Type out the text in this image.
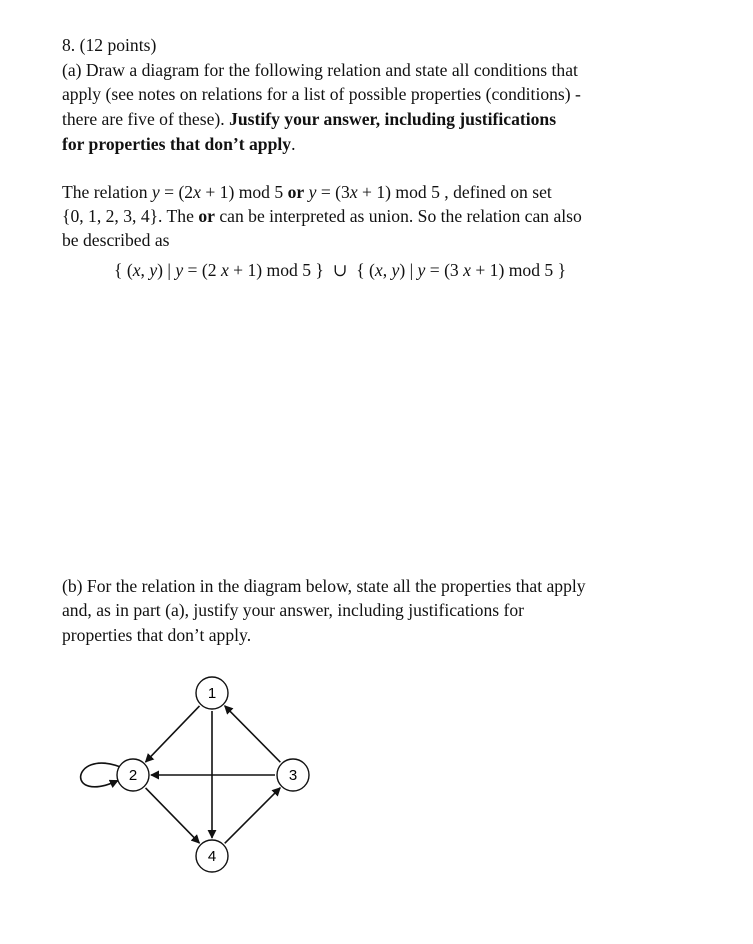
8. (12 points)
(a) Draw a diagram for the following relation and state all conditions that
apply (see notes on relations for a list of possible properties (conditions) -
there are five of these). Justify your answer, including justifications
for properties that don’t apply.
The relation y = (2x + 1) mod 5 or y = (3x + 1) mod 5 , defined on set
{0, 1, 2, 3, 4}. The or can be interpreted as union. So the relation can also
be described as
{ (x, y) | y = (2 x + 1) mod 5 } ∪ { (x, y) | y = (3 x + 1) mod 5 }
(b) For the relation in the diagram below, state all the properties that apply
and, as in part (a), justify your answer, including justifications for
properties that don’t apply.
1
2	3
4
